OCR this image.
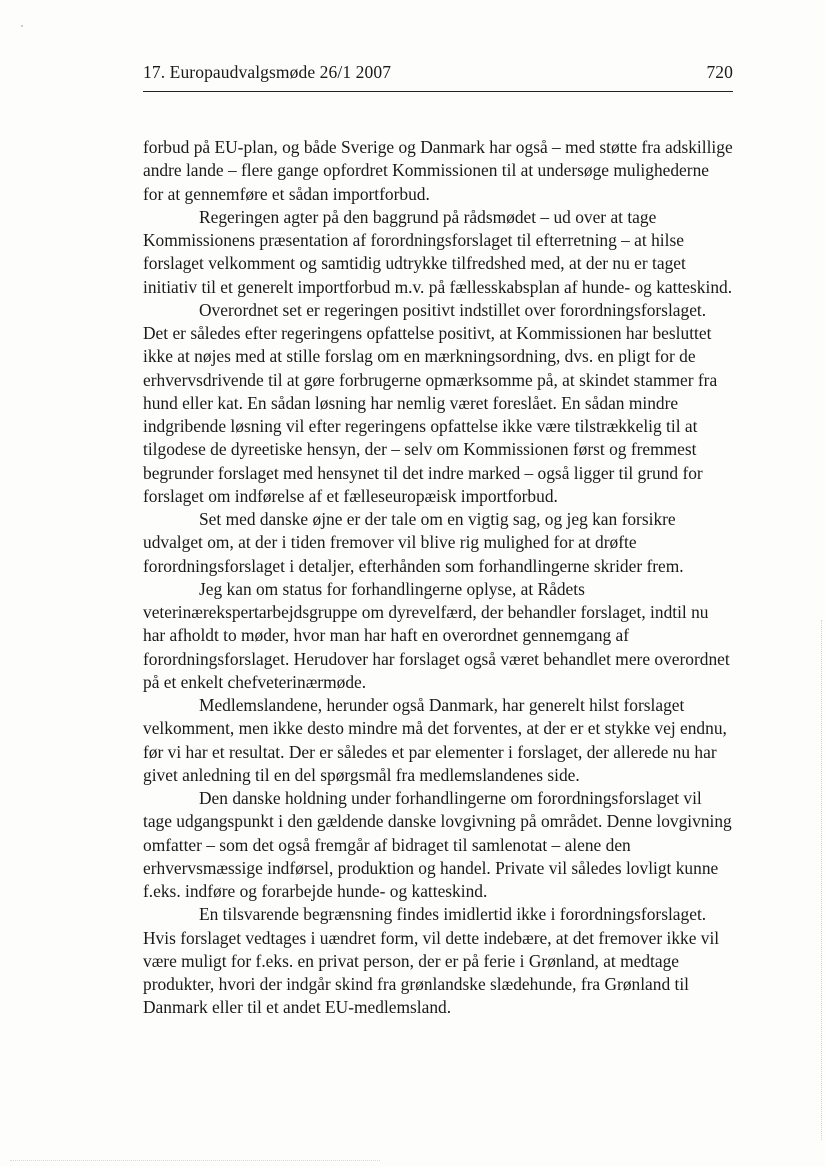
17. Europaudvalgsmøde 26/1 2007	720

forbud på EU-plan, og både Sverige og Danmark har også – med støtte fra adskillige andre lande – flere gange opfordret Kommissionen til at undersøge mulighederne for at gennemføre et sådan importforbud.

Regeringen agter på den baggrund på rådsmødet – ud over at tage Kommissionens præsentation af forordningsforslaget til efterretning – at hilse forslaget velkomment og samtidig udtrykke tilfredshed med, at der nu er taget initiativ til et generelt importforbud m.v. på fællesskabsplan af hunde- og katteskind.

Overordnet set er regeringen positivt indstillet over forordningsforslaget. Det er således efter regeringens opfattelse positivt, at Kommissionen har besluttet ikke at nøjes med at stille forslag om en mærkningsordning, dvs. en pligt for de erhvervsdrivende til at gøre forbrugerne opmærksomme på, at skindet stammer fra hund eller kat. En sådan løsning har nemlig været foreslået. En sådan mindre indgribende løsning vil efter regeringens opfattelse ikke være tilstrækkelig til at tilgodese de dyreetiske hensyn, der – selv om Kommissionen først og fremmest begrunder forslaget med hensynet til det indre marked – også ligger til grund for forslaget om indførelse af et fælleseuropæisk importforbud.

Set med danske øjne er der tale om en vigtig sag, og jeg kan forsikre udvalget om, at der i tiden fremover vil blive rig mulighed for at drøfte forordningsforslaget i detaljer, efterhånden som forhandlingerne skrider frem.

Jeg kan om status for forhandlingerne oplyse, at Rådets veterinærekspertarbejdsgruppe om dyrevelfærd, der behandler forslaget, indtil nu har afholdt to møder, hvor man har haft en overordnet gennemgang af forordningsforslaget. Herudover har forslaget også været behandlet mere overordnet på et enkelt chefveterinærmøde.

Medlemslandene, herunder også Danmark, har generelt hilst forslaget velkomment, men ikke desto mindre må det forventes, at der er et stykke vej endnu, før vi har et resultat. Der er således et par elementer i forslaget, der allerede nu har givet anledning til en del spørgsmål fra medlemslandenes side.

Den danske holdning under forhandlingerne om forordningsforslaget vil tage udgangspunkt i den gældende danske lovgivning på området. Denne lovgivning omfatter – som det også fremgår af bidraget til samlenotat – alene den erhvervsmæssige indførsel, produktion og handel. Private vil således lovligt kunne f.eks. indføre og forarbejde hunde- og katteskind.

En tilsvarende begrænsning findes imidlertid ikke i forordningsforslaget. Hvis forslaget vedtages i uændret form, vil dette indebære, at det fremover ikke vil være muligt for f.eks. en privat person, der er på ferie i Grønland, at medtage produkter, hvori der indgår skind fra grønlandske slædehunde, fra Grønland til Danmark eller til et andet EU-medlemsland.
